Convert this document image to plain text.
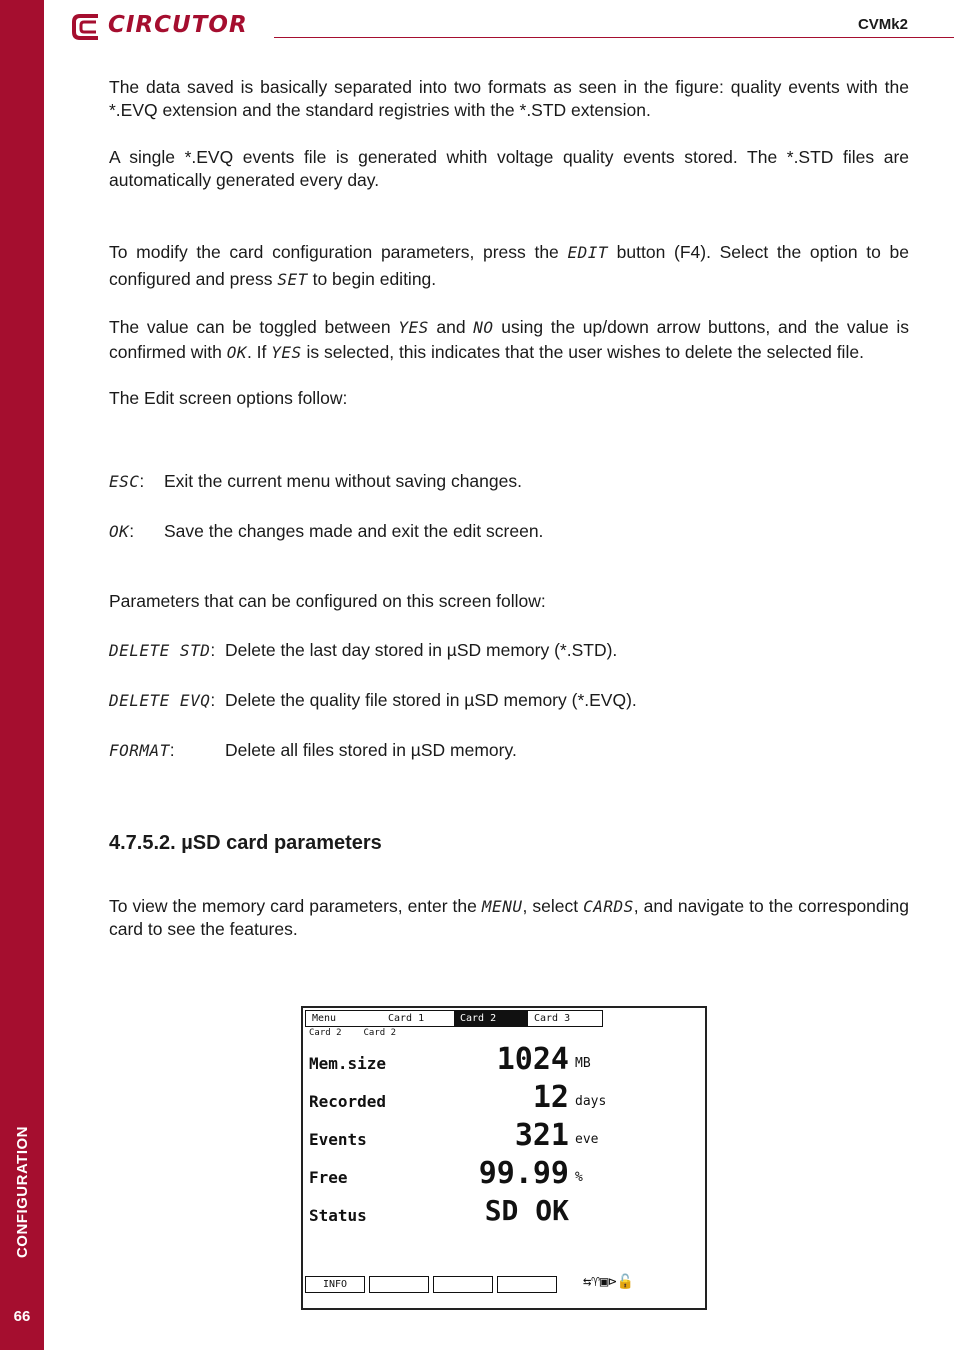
CONFIGURATION
66
CIRCUTOR	CVMk2

The data saved is basically separated into two formats as seen in the figure: quality events with the *.EVQ extension and the standard registries with the *.STD extension.

A single *.EVQ events file is generated whith voltage quality events stored. The *.STD files are automatically generated every day.

To modify the card configuration parameters, press the EDIT button (F4). Select the option to be configured and press SET to begin editing.

The value can be toggled between YES and NO using the up/down arrow buttons, and the value is confirmed with OK. If YES is selected, this indicates that the user wishes to delete the selected file.

The Edit screen options follow:

ESC: Exit the current menu without saving changes.
OK: Save the changes made and exit the edit screen.
Parameters that can be configured on this screen follow:
DELETE STD: Delete the last day stored in µSD memory (*.STD).
DELETE EVQ: Delete the quality file stored in µSD memory (*.EVQ).
FORMAT:	Delete all files stored in µSD memory.
4.7.5.2. µSD card parameters

To view the memory card parameters, enter the MENU, select CARDS, and navigate to the corresponding card to see the features.

Menu	Card 1	Card 2	Card 3
Card 2 Card 2
Mem.size	1024 MB
Recorded	12 days
Events	321 eve
Free	99.99 %
Status	SD OK
INFO	⇆♈▣⊳🔓
